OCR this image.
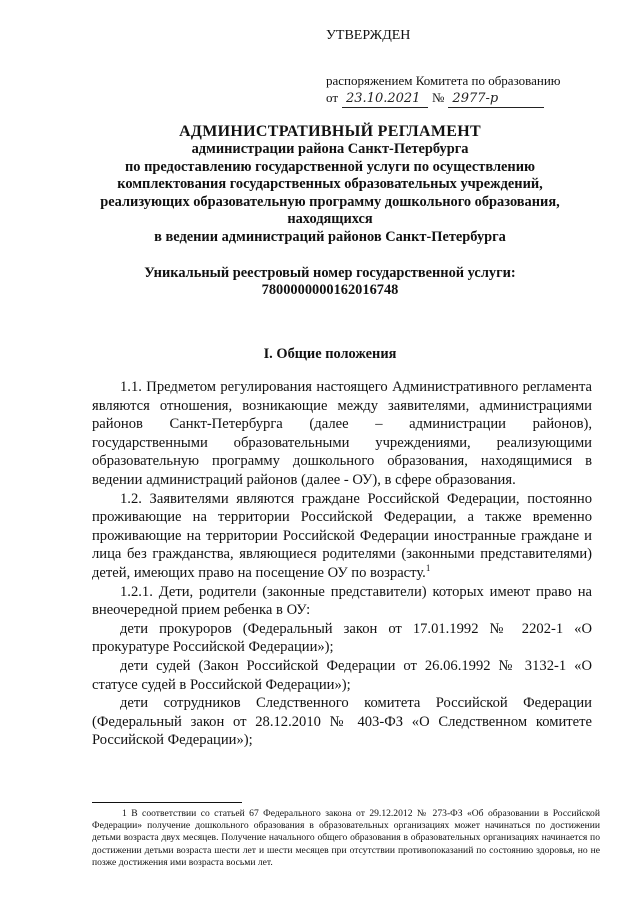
УТВЕРЖДЕН
распоряжением Комитета по образованию
от 23.10.2021 № 2977-р
АДМИНИСТРАТИВНЫЙ РЕГЛАМЕНТ
администрации района Санкт-Петербурга
по предоставлению государственной услуги по осуществлению
комплектования государственных образовательных учреждений,
реализующих образовательную программу дошкольного образования,
находящихся
в ведении администраций районов Санкт-Петербурга
Уникальный реестровый номер государственной услуги:
7800000000162016748
I. Общие положения

1.1. Предметом регулирования настоящего Административного регламента являются отношения, возникающие между заявителями, администрациями районов Санкт-Петербурга (далее – администрации районов), государственными образовательными учреждениями, реализующими образовательную программу дошкольного образования, находящимися в ведении администраций районов (далее - ОУ), в сфере образования.

1.2. Заявителями являются граждане Российской Федерации, постоянно проживающие на территории Российской Федерации, а также временно проживающие на территории Российской Федерации иностранные граждане и лица без гражданства, являющиеся родителями (законными представителями) детей, имеющих право на посещение ОУ по возрасту.$^1$

1.2.1. Дети, родители (законные представители) которых имеют право на внеочередной прием ребенка в ОУ:

дети прокуроров (Федеральный закон от 17.01.1992 № 2202-1 «О прокуратуре Российской Федерации»);

дети судей (Закон Российской Федерации от 26.06.1992 № 3132-1 «О статусе судей в Российской Федерации»);

дети сотрудников Следственного комитета Российской Федерации (Федеральный закон от 28.12.2010 № 403-ФЗ «О Следственном комитете Российской Федерации»);

1 В соответствии со статьей 67 Федерального закона от 29.12.2012 № 273-ФЗ «Об образовании в Российской Федерации» получение дошкольного образования в образовательных организациях может начинаться по достижении детьми возраста двух месяцев. Получение начального общего образования в образовательных организациях начинается по достижении детьми возраста шести лет и шести месяцев при отсутствии противопоказаний по состоянию здоровья, но не позже достижения ими возраста восьми лет.
